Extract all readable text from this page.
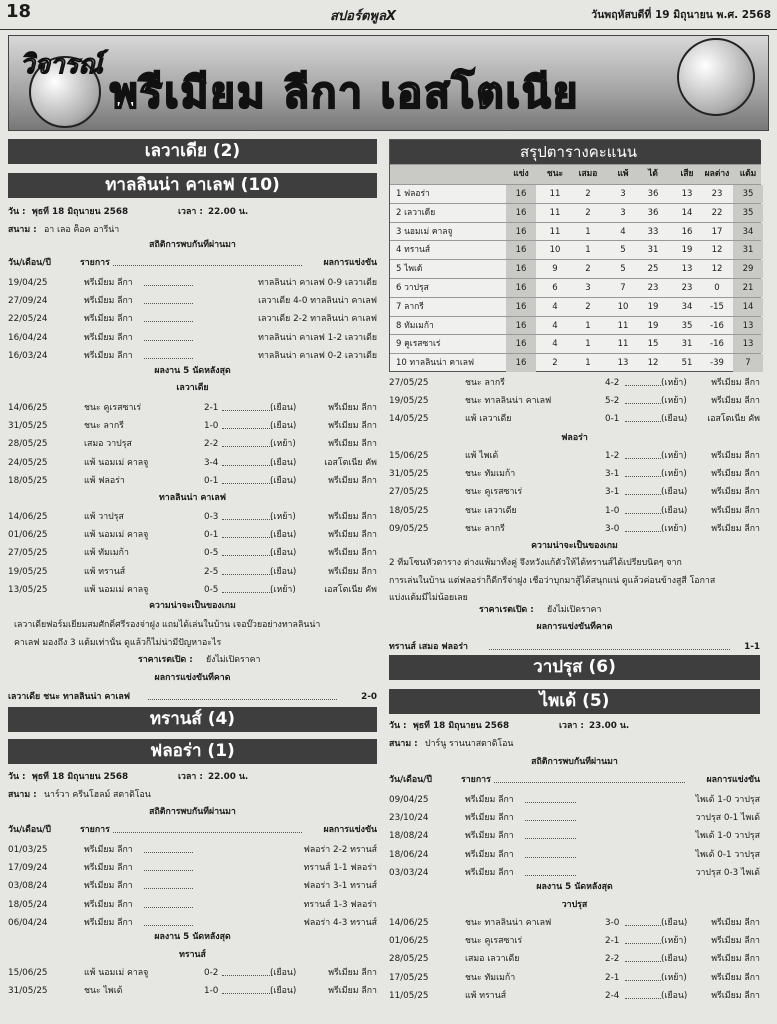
18	สปอร์ตพูลX	วันพฤหัสบดีที่ 19 มิถุนายน พ.ศ. 2568
วิจารณ์
พรีเมียม ลีกา เอสโตเนีย
สรุปตารางคะแนน
แข่ง	ชนะ	เสมอ	แพ้	ได้	เสีย	ผลต่าง	แต้ม
1 ฟลอร่า	16	11	2	3	36	13	23	35
2 เลวาเดีย	16	11	2	3	36	14	22	35
3 นอมเม่ คาลจู	16	11	1	4	33	16	17	34
4 ทรานส์	16	10	1	5	31	19	12	31
5 ไพเด้	16	9	2	5	25	13	12	29
6 วาปรุส	16	6	3	7	23	23	0	21
7 ลากรี	16	4	2	10	19	34	-15	14
8 ทัมเมก้า	16	4	1	11	19	35	-16	13
9 คูเรสซาเร่	16	4	1	11	15	31	-16	13
10 ทาลลินน่า คาเลฟ	16	2	1	13	12	51	-39	7
เลวาเดีย (2)
ทาลลินน่า คาเลฟ (10)
วัน : พุธที่ 18 มิถุนายน 2568	เวลา : 22.00 น.
สนาม : อา เลอ ค็อค อารีน่า
สถิติการพบกันที่ผ่านมา
วัน/เดือน/ปี	รายการ	ผลการแข่งขัน
19/04/25	พรีเมียม ลีกา	ทาลลินน่า คาเลฟ 0-9 เลวาเดีย
27/09/24	พรีเมียม ลีกา	เลวาเดีย 4-0 ทาลลินน่า คาเลฟ
22/05/24	พรีเมียม ลีกา	เลวาเดีย 2-2 ทาลลินน่า คาเลฟ
16/04/24	พรีเมียม ลีกา	ทาลลินน่า คาเลฟ 1-2 เลวาเดีย
16/03/24	พรีเมียม ลีกา	ทาลลินน่า คาเลฟ 0-2 เลวาเดีย
ผลงาน 5 นัดหลังสุด
เลวาเดีย
14/06/25	ชนะ คูเรสซาเร่	2-1	(เยือน)	พรีเมียม ลีกา
31/05/25	ชนะ ลากรี	1-0	(เยือน)	พรีเมียม ลีกา
28/05/25	เสมอ วาปรุส	2-2	(เหย้า)	พรีเมียม ลีกา
24/05/25	แพ้ นอมเม่ คาลจู	3-4	(เยือน)	เอสโตเนีย คัพ
18/05/25	แพ้ ฟลอร่า	0-1	(เยือน)	พรีเมียม ลีกา
ทาลลินน่า คาเลฟ
14/06/25	แพ้ วาปรุส	0-3	(เหย้า)	พรีเมียม ลีกา
01/06/25	แพ้ นอมเม่ คาลจู	0-1	(เยือน)	พรีเมียม ลีกา
27/05/25	แพ้ ทัมเมก้า	0-5	(เยือน)	พรีเมียม ลีกา
19/05/25	แพ้ ทรานส์	2-5	(เยือน)	พรีเมียม ลีกา
13/05/25	แพ้ นอมเม่ คาลจู	0-5	(เหย้า)	เอสโตเนีย คัพ
ความน่าจะเป็นของเกม
เลวาเดียฟอร์มเยี่ยมสมศักดิ์ศรีรองจ่าฝูง แถมได้เล่นในบ้าน เจอบ๊วยอย่างทาลลินน่า
คาเลฟ มองถึง 3 แต้มเท่านั้น ดูแล้วก็ไม่น่ามีปัญหาอะไร
ราคาเรตเปิด :	ยังไม่เปิดราคา
ผลการแข่งขันที่คาด
เลวาเดีย ชนะ ทาลลินน่า คาเลฟ	2-0
ทรานส์ (4)
ฟลอร่า (1)
วัน : พุธที่ 18 มิถุนายน 2568	เวลา : 22.00 น.
สนาม : นาร์วา ครีนโฮลม์ สตาดิโอน
สถิติการพบกันที่ผ่านมา
วัน/เดือน/ปี	รายการ	ผลการแข่งขัน
01/03/25	พรีเมียม ลีกา	ฟลอร่า 2-2 ทรานส์
17/09/24	พรีเมียม ลีกา	ทรานส์ 1-1 ฟลอร่า
03/08/24	พรีเมียม ลีกา	ฟลอร่า 3-1 ทรานส์
18/05/24	พรีเมียม ลีกา	ทรานส์ 1-3 ฟลอร่า
06/04/24	พรีเมียม ลีกา	ฟลอร่า 4-3 ทรานส์
ผลงาน 5 นัดหลังสุด
ทรานส์
15/06/25	แพ้ นอมเม่ คาลจู	0-2	(เยือน)	พรีเมียม ลีกา
31/05/25	ชนะ ไพเด้	1-0	(เยือน)	พรีเมียม ลีกา
27/05/25	ชนะ ลากรี	4-2	(เหย้า)	พรีเมียม ลีกา
19/05/25	ชนะ ทาลลินน่า คาเลฟ	5-2	(เหย้า)	พรีเมียม ลีกา
14/05/25	แพ้ เลวาเดีย	0-1	(เยือน)	เอสโตเนีย คัพ
ฟลอร่า
15/06/25	แพ้ ไพเด้	1-2	(เหย้า)	พรีเมียม ลีกา
31/05/25	ชนะ ทัมเมก้า	3-1	(เหย้า)	พรีเมียม ลีกา
27/05/25	ชนะ คูเรสซาเร่	3-1	(เยือน)	พรีเมียม ลีกา
18/05/25	ชนะ เลวาเดีย	1-0	(เยือน)	พรีเมียม ลีกา
09/05/25	ชนะ ลากรี	3-0	(เหย้า)	พรีเมียม ลีกา
ความน่าจะเป็นของเกม
2 ทีมโซนหัวตาราง ต่างแพ้มาทั้งคู่ จึงหวังแก้ตัวให้ได้ทรานส์ได้เปรียบนิดๆ จาก
การเล่นในบ้าน แต่ฟลอร่าก็ดีกรีจ่าฝูง เชื่อว่าบุกมาสู้ได้สนุกแน่ ดูแล้วค่อนข้างสูสี โอกาส
แบ่งแต้มมีไม่น้อยเลย
ราคาเรตเปิด :	ยังไม่เปิดราคา
ผลการแข่งขันที่คาด
ทรานส์ เสมอ ฟลอร่า	1-1
วาปรุส (6)
ไพเด้ (5)
วัน : พุธที่ 18 มิถุนายน 2568	เวลา : 23.00 น.
สนาม : ปาร์นู รานนาสตาดิโอน
สถิติการพบกันที่ผ่านมา
วัน/เดือน/ปี	รายการ	ผลการแข่งขัน
09/04/25	พรีเมียม ลีกา	ไพเด้ 1-0 วาปรุส
23/10/24	พรีเมียม ลีกา	วาปรุส 0-1 ไพเด้
18/08/24	พรีเมียม ลีกา	ไพเด้ 1-0 วาปรุส
18/06/24	พรีเมียม ลีกา	ไพเด้ 0-1 วาปรุส
03/03/24	พรีเมียม ลีกา	วาปรุส 0-3 ไพเด้
ผลงาน 5 นัดหลังสุด
วาปรุส
14/06/25	ชนะ ทาลลินน่า คาเลฟ	3-0	(เยือน)	พรีเมียม ลีกา
01/06/25	ชนะ คูเรสซาเร่	2-1	(เหย้า)	พรีเมียม ลีกา
28/05/25	เสมอ เลวาเดีย	2-2	(เยือน)	พรีเมียม ลีกา
17/05/25	ชนะ ทัมเมก้า	2-1	(เหย้า)	พรีเมียม ลีกา
11/05/25	แพ้ ทรานส์	2-4	(เยือน)	พรีเมียม ลีกา
